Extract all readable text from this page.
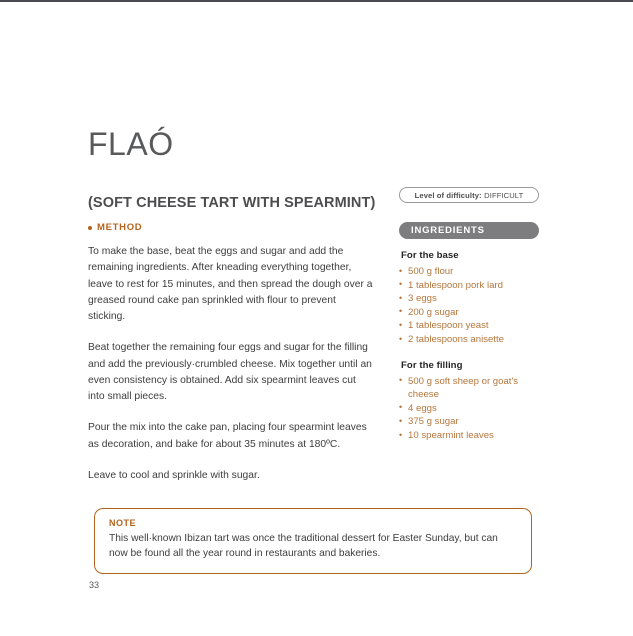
FLAÓ
(SOFT CHEESE TART WITH SPEARMINT)
METHOD

To make the base, beat the eggs and sugar and add the remaining ingredients. After kneading everything together, leave to rest for 15 minutes, and then spread the dough over a greased round cake pan sprinkled with flour to prevent sticking.

Beat together the remaining four eggs and sugar for the filling and add the previously·crumbled cheese. Mix together until an even consistency is obtained. Add six spearmint leaves cut into small pieces.

Pour the mix into the cake pan, placing four spearmint leaves as decoration, and bake for about 35 minutes at 180ºC.

Leave to cool and sprinkle with sugar.

Level of difficulty: DIFFICULT
INGREDIENTS
For the base
• 500 g flour
• 1 tablespoon pork lard
• 3 eggs
• 200 g sugar
• 1 tablespoon yeast
• 2 tablespoons anisette
For the filling
• 500 g soft sheep or goat's cheese
• 4 eggs
• 375 g sugar
• 10 spearmint leaves
NOTE

This well·known Ibizan tart was once the traditional dessert for Easter Sunday, but can now be found all the year round in restaurants and bakeries.

33
